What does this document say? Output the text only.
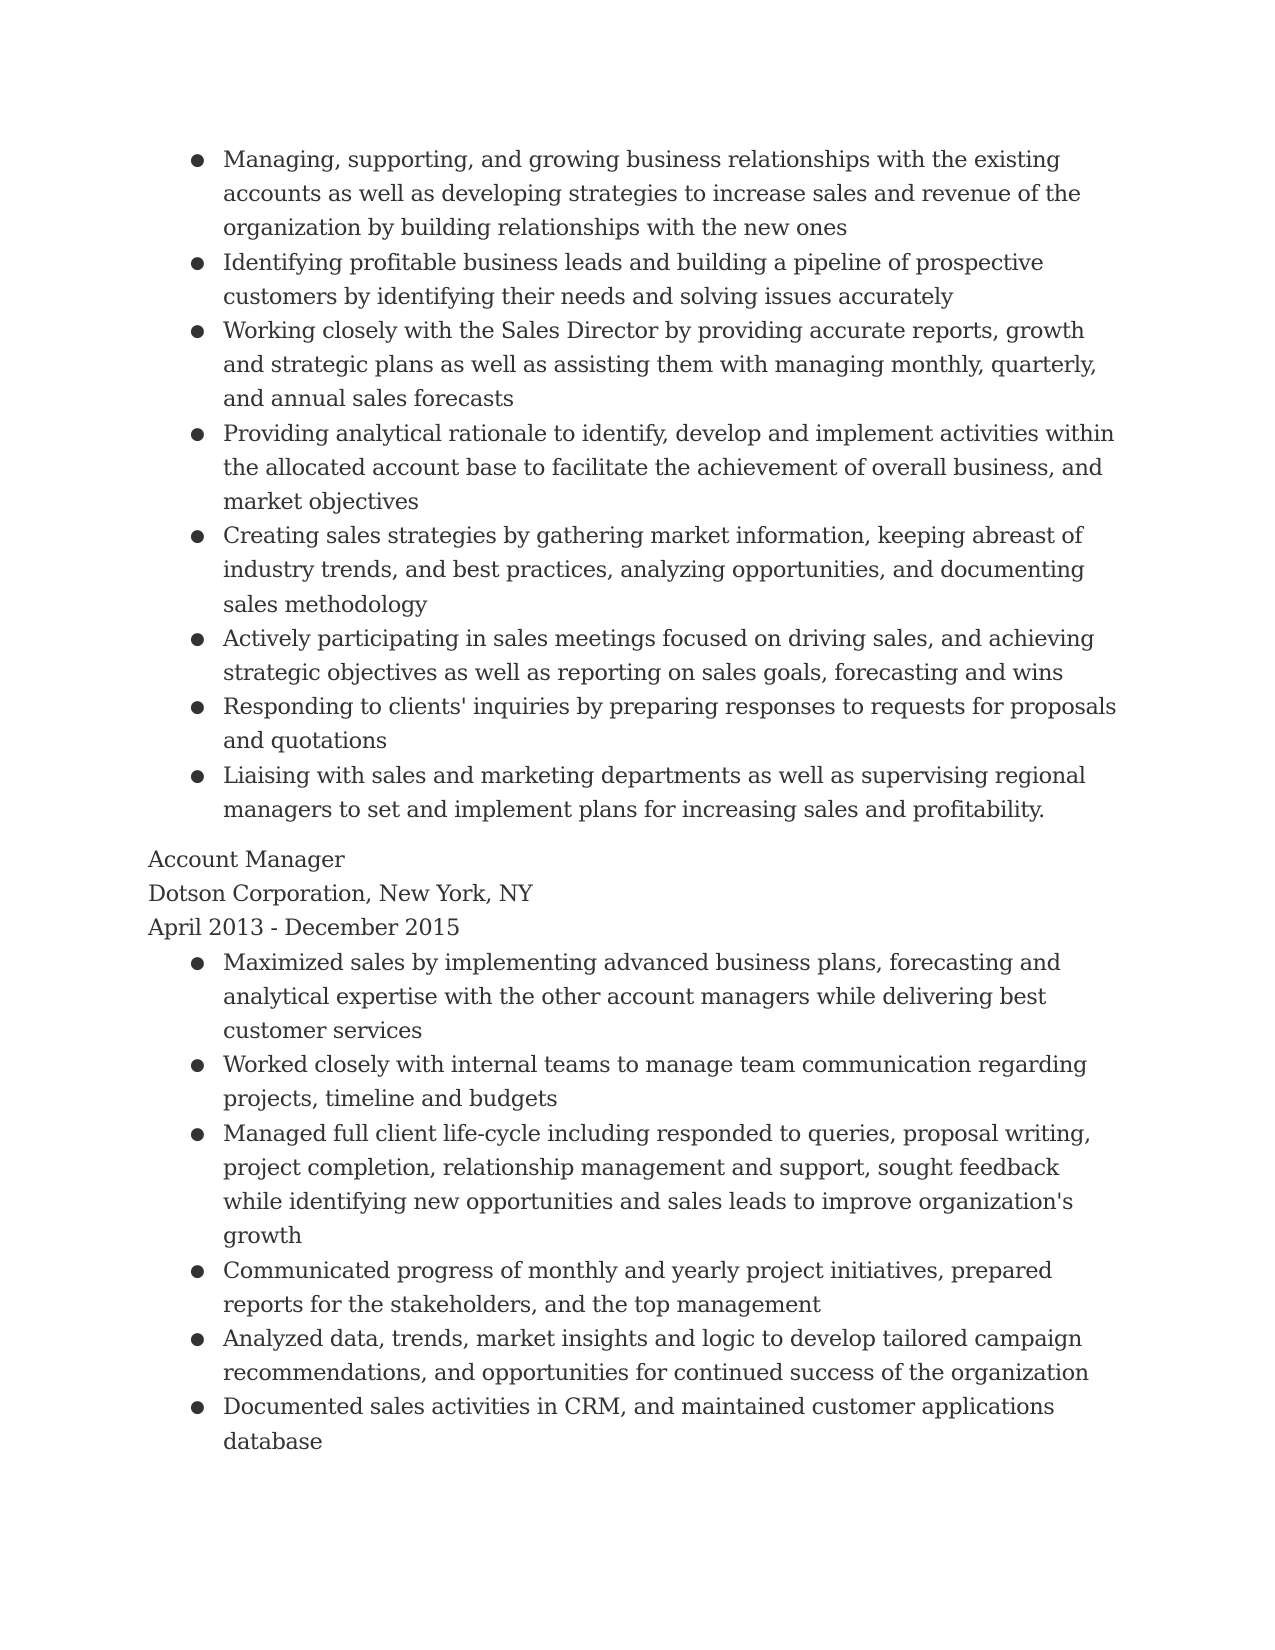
● Managing, supporting, and growing business relationships with the existing accounts as well as developing strategies to increase sales and revenue of the organization by building relationships with the new ones
● Identifying profitable business leads and building a pipeline of prospective customers by identifying their needs and solving issues accurately
● Working closely with the Sales Director by providing accurate reports, growth and strategic plans as well as assisting them with managing monthly, quarterly, and annual sales forecasts
● Providing analytical rationale to identify, develop and implement activities within the allocated account base to facilitate the achievement of overall business, and market objectives
● Creating sales strategies by gathering market information, keeping abreast of industry trends, and best practices, analyzing opportunities, and documenting sales methodology
● Actively participating in sales meetings focused on driving sales, and achieving strategic objectives as well as reporting on sales goals, forecasting and wins
● Responding to clients' inquiries by preparing responses to requests for proposals and quotations
● Liaising with sales and marketing departments as well as supervising regional managers to set and implement plans for increasing sales and profitability.
Account Manager
Dotson Corporation, New York, NY
April 2013 - December 2015
● Maximized sales by implementing advanced business plans, forecasting and analytical expertise with the other account managers while delivering best customer services
● Worked closely with internal teams to manage team communication regarding projects, timeline and budgets
● Managed full client life-cycle including responded to queries, proposal writing, project completion, relationship management and support, sought feedback while identifying new opportunities and sales leads to improve organization's growth
● Communicated progress of monthly and yearly project initiatives, prepared reports for the stakeholders, and the top management
● Analyzed data, trends, market insights and logic to develop tailored campaign recommendations, and opportunities for continued success of the organization
● Documented sales activities in CRM, and maintained customer applications database
